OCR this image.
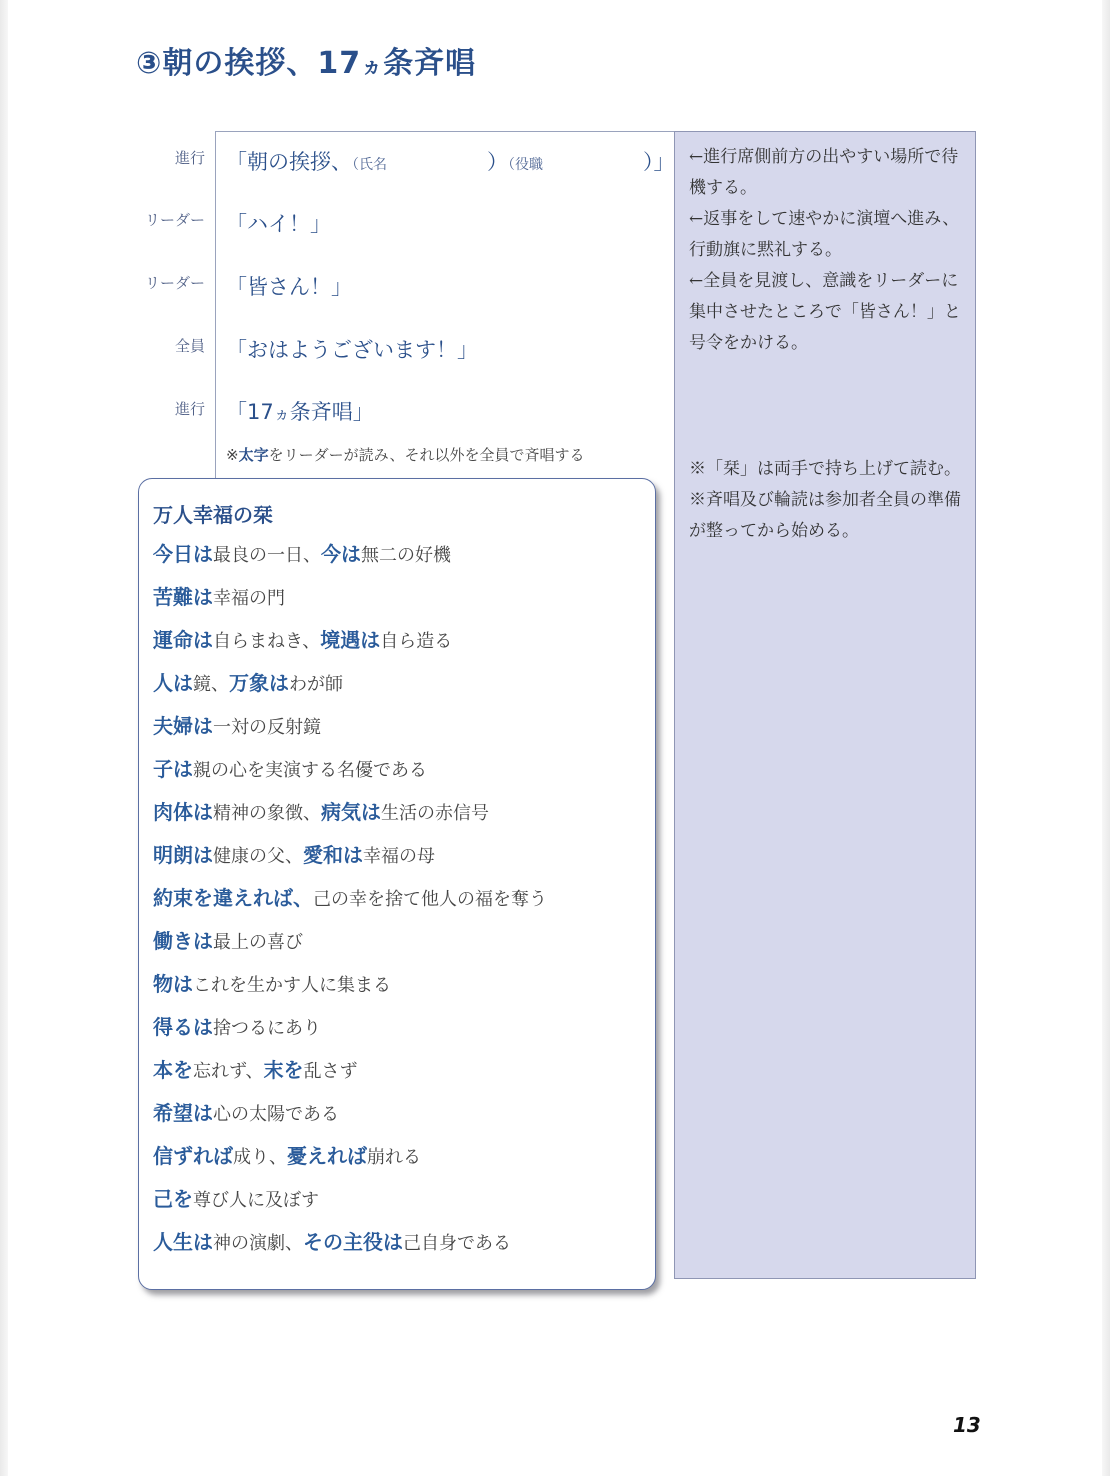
③朝の挨拶、17ヵ条斉唱
進行 「朝の挨拶、（氏名	）（役職	）」
リーダー 「ハイ！」
リーダー 「皆さん！」
全員 「おはようございます！」
進行 「17ヵ条斉唱」
※太字をリーダーが読み、それ以外を全員で斉唱する
←進行席側前方の出やすい場所で待機する。
←返事をして速やかに演壇へ進み、行動旗に黙礼する。
←全員を見渡し、意識をリーダーに集中させたところで「皆さん！」と号令をかける。
※「栞」は両手で持ち上げて読む。
※斉唱及び輪読は参加者全員の準備が整ってから始める。
万人幸福の栞
今日は最良の一日、今は無二の好機
苦難は幸福の門
運命は自らまねき、境遇は自ら造る
人は鏡、万象はわが師
夫婦は一対の反射鏡
子は親の心を実演する名優である
肉体は精神の象徴、病気は生活の赤信号
明朗は健康の父、愛和は幸福の母
約束を違えれば、己の幸を捨て他人の福を奪う
働きは最上の喜び
物はこれを生かす人に集まる
得るは捨つるにあり
本を忘れず、末を乱さず
希望は心の太陽である
信ずれば成り、憂えれば崩れる
己を尊び人に及ぼす
人生は神の演劇、その主役は己自身である
13
